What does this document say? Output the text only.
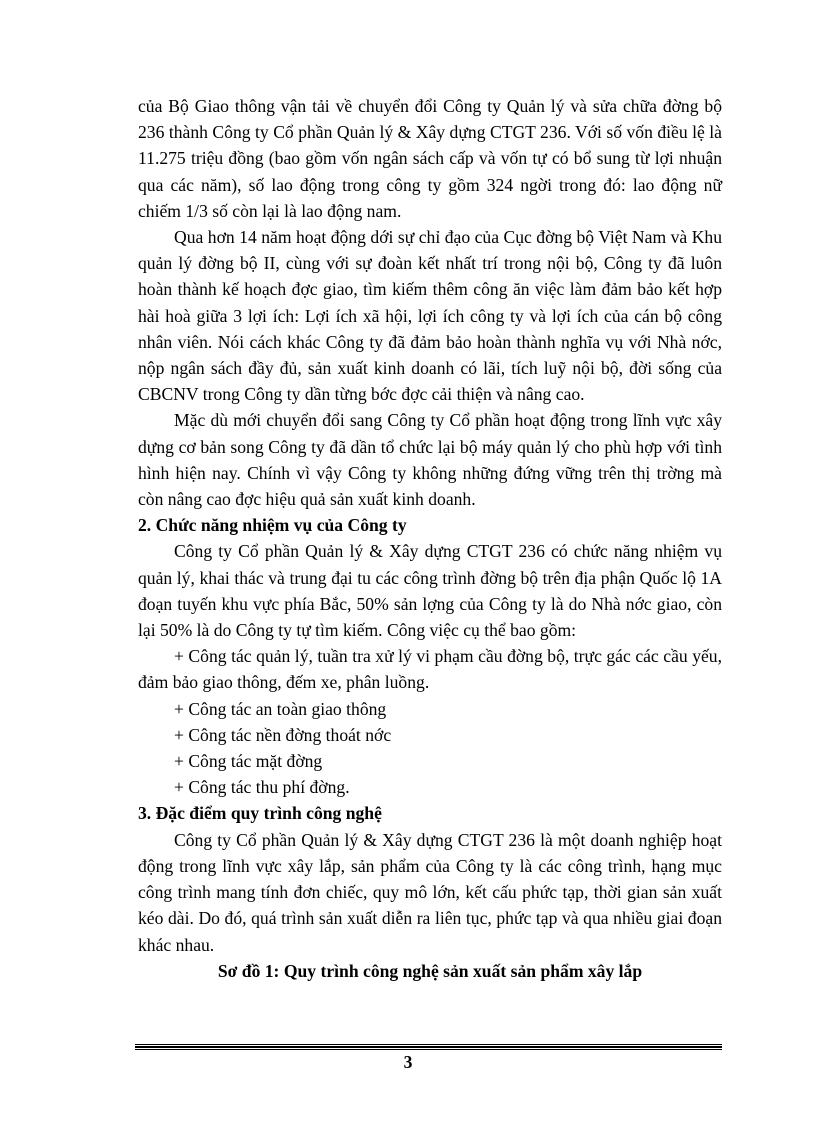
của Bộ Giao thông vận tải về chuyển đổi Công ty Quản lý và sửa chữa đờng bộ 236 thành Công ty Cổ phần Quản lý & Xây dựng CTGT 236. Với số vốn điều lệ là 11.275 triệu đồng (bao gồm vốn ngân sách cấp và vốn tự có bổ sung từ lợi nhuận qua các năm), số lao động trong công ty gồm 324 ngời trong đó: lao động nữ chiếm 1/3 số còn lại là lao động nam.

Qua hơn 14 năm hoạt động dới sự chỉ đạo của Cục đờng bộ Việt Nam và Khu quản lý đờng bộ II, cùng với sự đoàn kết nhất trí trong nội bộ, Công ty đã luôn hoàn thành kế hoạch đợc giao, tìm kiếm thêm công ăn việc làm đảm bảo kết hợp hài hoà giữa 3 lợi ích: Lợi ích xã hội, lợi ích công ty và lợi ích của cán bộ công nhân viên. Nói cách khác Công ty đã đảm bảo hoàn thành nghĩa vụ với Nhà nớc, nộp ngân sách đầy đủ, sản xuất kinh doanh có lãi, tích luỹ nội bộ, đời sống của CBCNV trong Công ty dần từng bớc đợc cải thiện và nâng cao.

Mặc dù mới chuyển đổi sang Công ty Cổ phần hoạt động trong lĩnh vực xây dựng cơ bản song Công ty đã dần tổ chức lại bộ máy quản lý cho phù hợp với tình hình hiện nay. Chính vì vậy Công ty không những đứng vững trên thị trờng mà còn nâng cao đợc hiệu quả sản xuất kinh doanh.

2. Chức năng nhiệm vụ của Công ty

Công ty Cổ phần Quản lý & Xây dựng CTGT 236 có chức năng nhiệm vụ quản lý, khai thác và trung đại tu các công trình đờng bộ trên địa phận Quốc lộ 1A đoạn tuyến khu vực phía Bắc, 50% sản lợng của Công ty là do Nhà nớc giao, còn lại 50% là do Công ty tự tìm kiếm. Công việc cụ thể bao gồm:

+ Công tác quản lý, tuần tra xử lý vi phạm cầu đờng bộ, trực gác các cầu yếu, đảm bảo giao thông, đếm xe, phân luồng.

+ Công tác an toàn giao thông

+ Công tác nền đờng thoát nớc

+ Công tác mặt đờng

+ Công tác thu phí đờng.

3. Đặc điểm quy trình công nghệ

Công ty Cổ phần Quản lý & Xây dựng CTGT 236 là một doanh nghiệp hoạt động trong lĩnh vực xây lắp, sản phẩm của Công ty là các công trình, hạng mục công trình mang tính đơn chiếc, quy mô lớn, kết cấu phức tạp, thời gian sản xuất kéo dài. Do đó, quá trình sản xuất diễn ra liên tục, phức tạp và qua nhiều giai đoạn khác nhau.

Sơ đồ 1: Quy trình công nghệ sản xuất sản phẩm xây lắp
3
